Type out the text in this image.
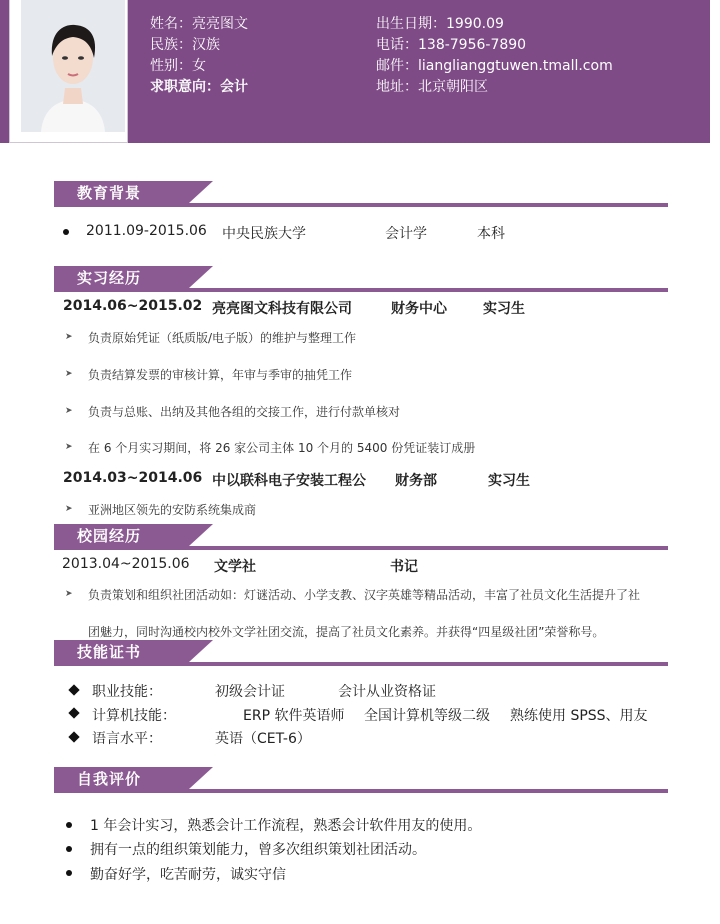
姓名：亮亮图文
民族：汉族
性别：女
求职意向：会计
出生日期：1990.09
电话：138-7956-7890
邮件：lianglianggtuwen.tmall.com
地址：北京朝阳区
教育背景
2011.09-2015.06 中央民族大学	会计学	本科
实习经历
2014.06~2015.02 亮亮图文科技有限公司	财务中心	实习生
➤ 负责原始凭证（纸质版/电子版）的维护与整理工作
➤ 负责结算发票的审核计算，年审与季审的抽凭工作
➤ 负责与总账、出纳及其他各组的交接工作，进行付款单核对
➤ 在 6 个月实习期间，将 26 家公司主体 10 个月的 5400 份凭证装订成册
2014.03~2014.06 中以联科电子安装工程公 财务部	实习生
➤ 亚洲地区领先的安防系统集成商
校园经历
2013.04~2015.06 文学社	书记
➤ 负责策划和组织社团活动如：灯谜活动、小学支教、汉字英雄等精品活动，丰富了社员文化生活提升了社
团魅力，同时沟通校内校外文学社团交流，提高了社员文化素养。并获得“四星级社团”荣誉称号。
技能证书
职业技能：	初级会计证	会计从业资格证
计算机技能：	ERP 软件英语师 全国计算机等级二级 熟练使用 SPSS、用友
语言水平：	英语（CET-6）
自我评价
1 年会计实习，熟悉会计工作流程，熟悉会计软件用友的使用。
拥有一点的组织策划能力，曾多次组织策划社团活动。
勤奋好学，吃苦耐劳，诚实守信
